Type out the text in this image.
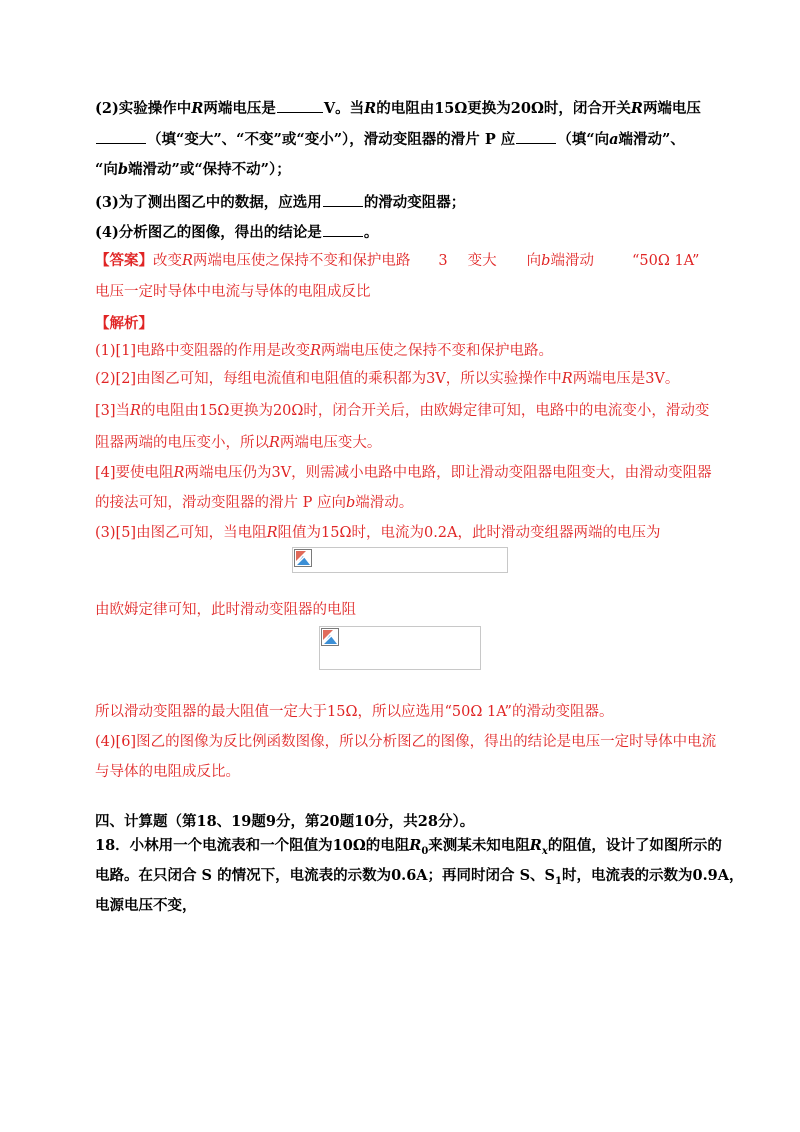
(2)实验操作中R两端电压是	V。当R的电阻由15Ω更换为20Ω时，闭合开关R两端电压
（填“变大”、“不变”或“变小”），滑动变阻器的滑片 P 应	（填“向a端滑动”、
“向b端滑动”或“保持不动”）；
(3)为了测出图乙中的数据，应选用	的滑动变阻器；
(4)分析图乙的图像，得出的结论是	。
【答案】改变R两端电压使之保持不变和保护电路 3 变大 向b端滑动	“50Ω 1A”
电压一定时导体中电流与导体的电阻成反比
【解析】
(1)[1]电路中变阻器的作用是改变R两端电压使之保持不变和保护电路。
(2)[2]由图乙可知，每组电流值和电阻值的乘积都为3V，所以实验操作中R两端电压是3V。
[3]当R的电阻由15Ω更换为20Ω时，闭合开关后，由欧姆定律可知，电路中的电流变小，滑动变
阻器两端的电压变小，所以R两端电压变大。
[4]要使电阻R两端电压仍为3V，则需减小电路中电路，即让滑动变阻器电阻变大，由滑动变阻器
的接法可知，滑动变阻器的滑片 P 应向b端滑动。
(3)[5]由图乙可知，当电阻R阻值为15Ω时，电流为0.2A，此时滑动变组器两端的电压为
由欧姆定律可知，此时滑动变阻器的电阻
所以滑动变阻器的最大阻值一定大于15Ω，所以应选用“50Ω 1A”的滑动变阻器。
(4)[6]图乙的图像为反比例函数图像，所以分析图乙的图像，得出的结论是电压一定时导体中电流
与导体的电阻成反比。
四、计算题（第18、19题9分，第20题10分，共28分）。
18．小林用一个电流表和一个阻值为10Ω的电阻$R_0$来测某未知电阻$R_x$的阻值，设计了如图所示的
电路。在只闭合 S 的情况下，电流表的示数为0.6A；再同时闭合 S、$S_1$时，电流表的示数为0.9A，
电源电压不变，
